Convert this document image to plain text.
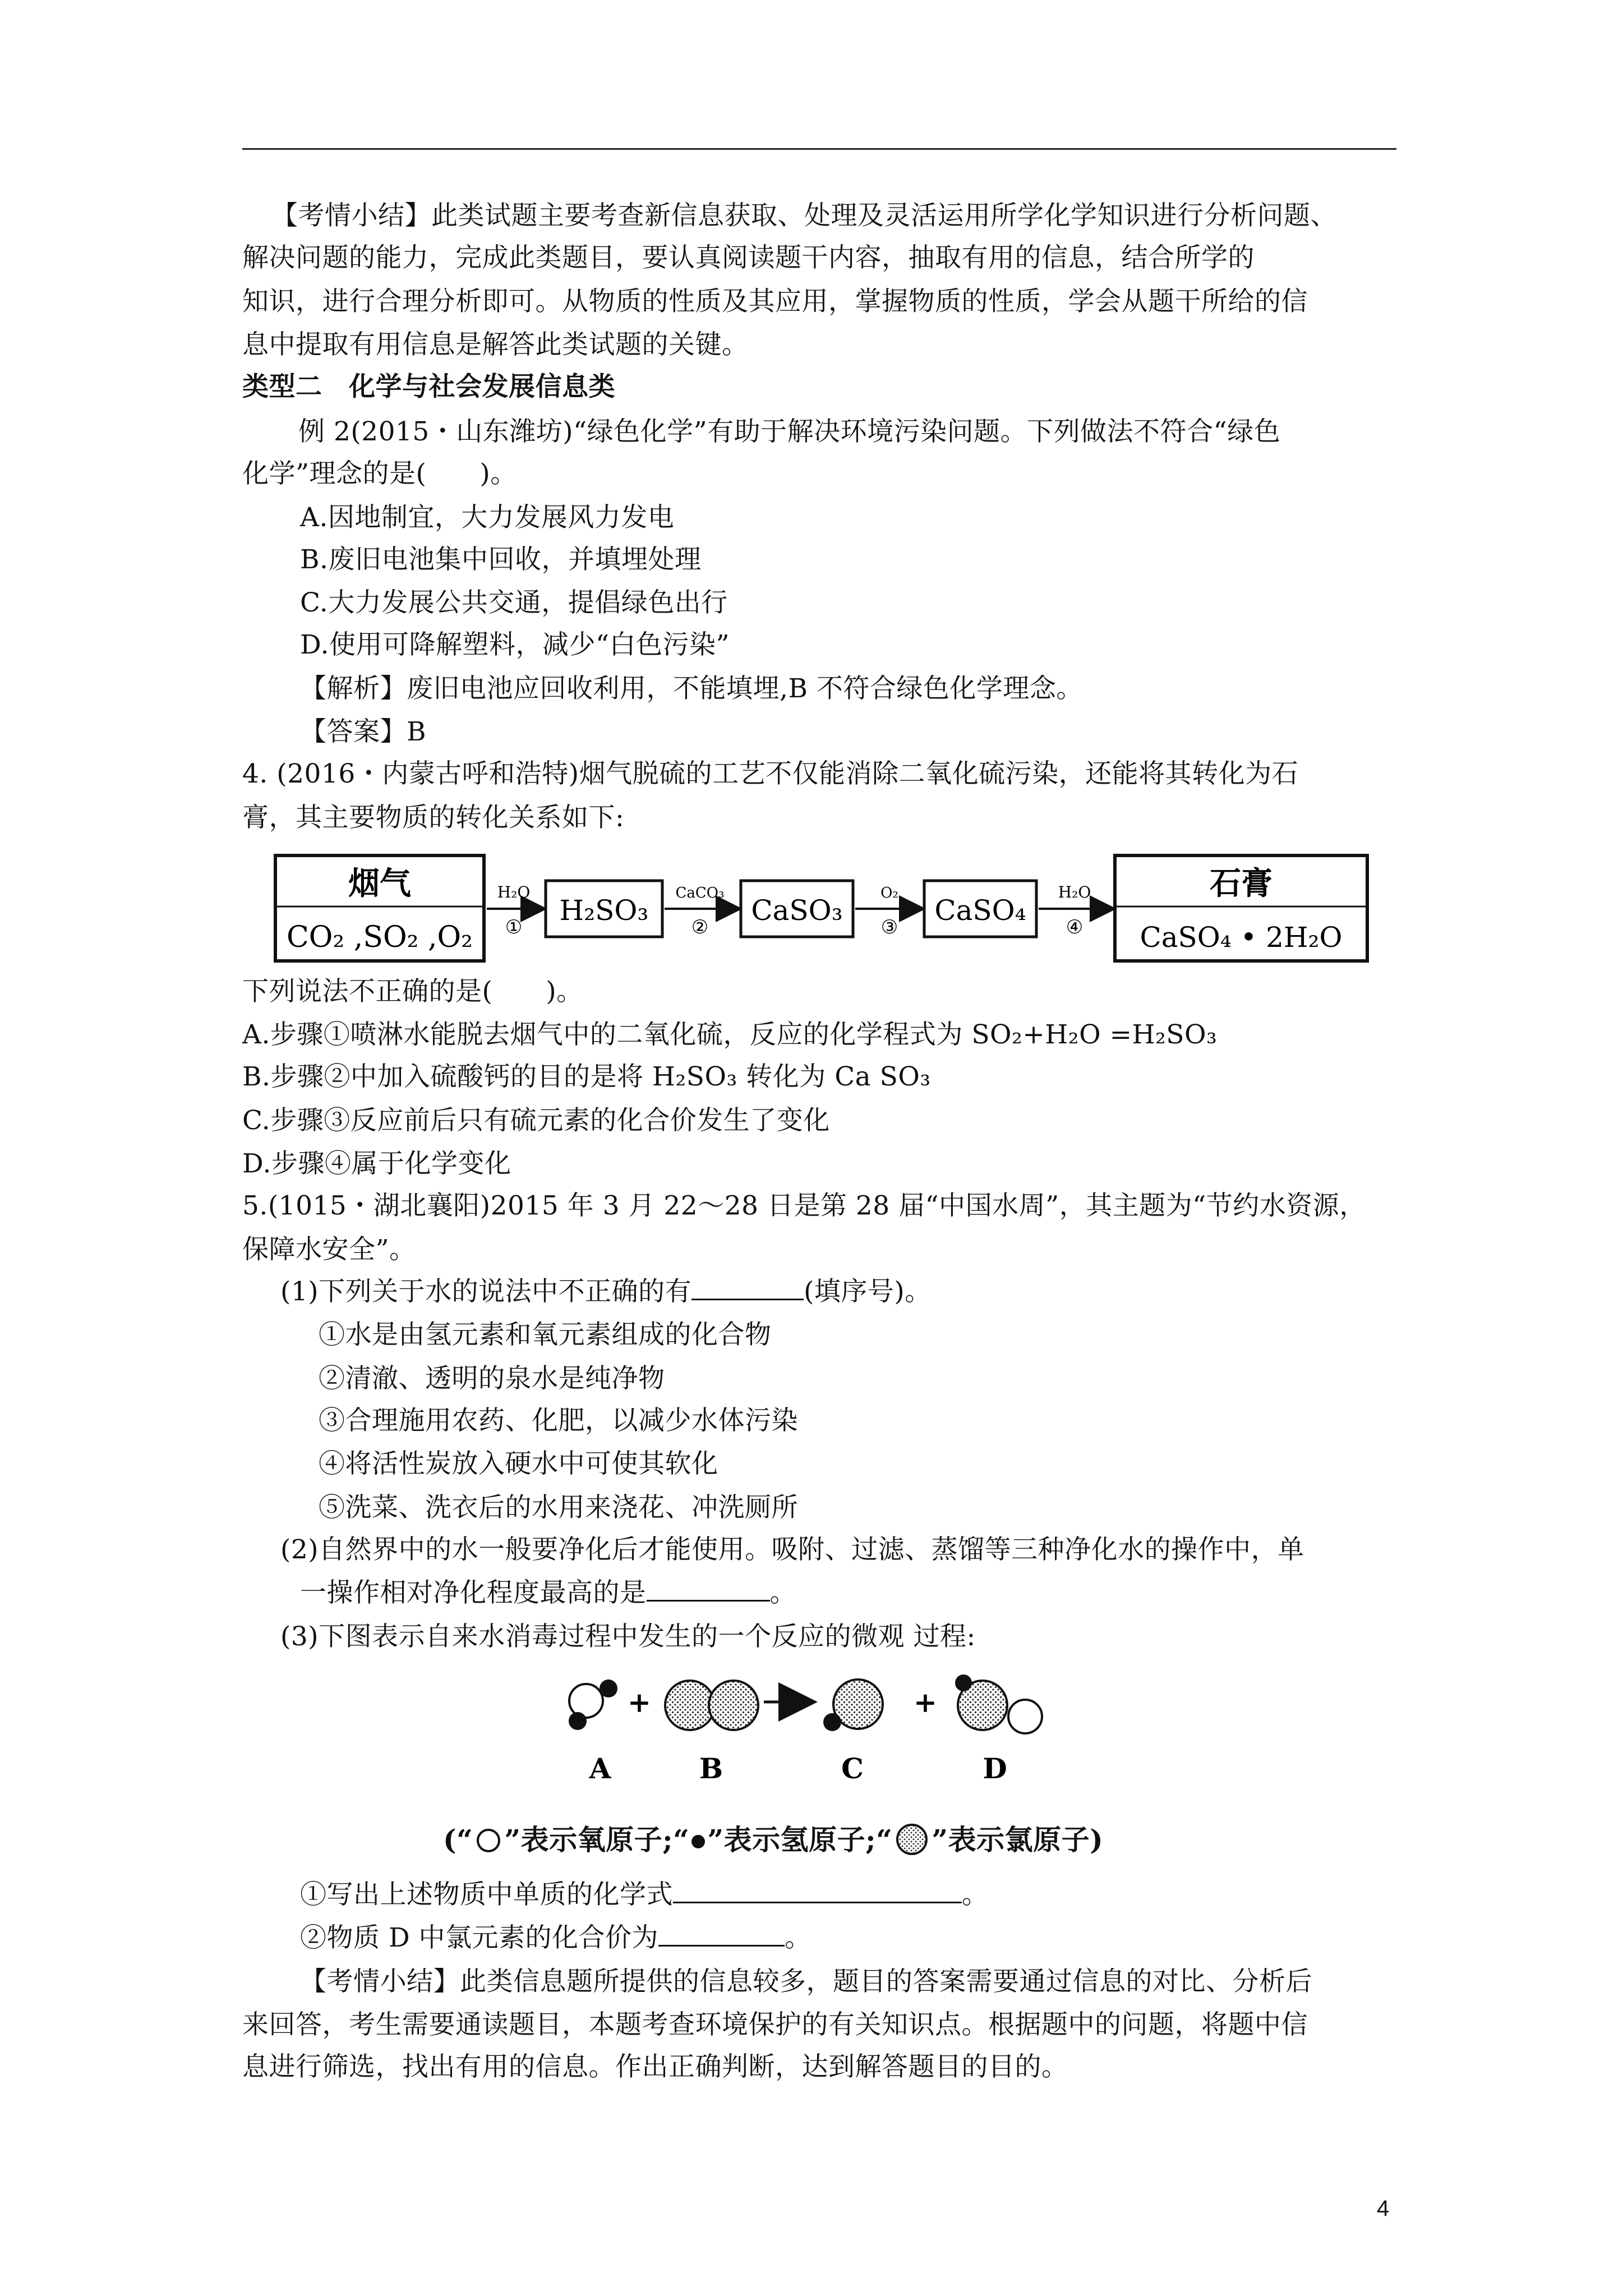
【考情小结】此类试题主要考查新信息获取、处理及灵活运用所学化学知识进行分析问题、
解决问题的能力，完成此类题目，要认真阅读题干内容，抽取有用的信息，结合所学的
知识，进行合理分析即可。从物质的性质及其应用，掌握物质的性质，学会从题干所给的信
息中提取有用信息是解答此类试题的关键。
类型二　化学与社会发展信息类
例 2(2015・山东潍坊)“绿色化学”有助于解决环境污染问题。下列做法不符合“绿色
化学”理念的是(　　)。
A.因地制宜，大力发展风力发电
B.废旧电池集中回收，并填埋处理
C.大力发展公共交通，提倡绿色出行
D.使用可降解塑料，减少“白色污染”
【解析】废旧电池应回收利用，不能填埋,B 不符合绿色化学理念。
【答案】B
4. (2016・内蒙古呼和浩特)烟气脱硫的工艺不仅能消除二氧化硫污染，还能将其转化为石
膏，其主要物质的转化关系如下:
烟气
CO₂ ,SO₂ ,O₂
H₂O
①
H₂SO₃
CaCO₃
②
CaSO₃
O₂
③
CaSO₄
H₂O
④
石膏
CaSO₄ • 2H₂O
下列说法不正确的是(　　)。
A.步骤①喷淋水能脱去烟气中的二氧化硫，反应的化学程式为 SO₂+H₂O =H₂SO₃
B.步骤②中加入硫酸钙的目的是将 H₂SO₃ 转化为 Ca SO₃
C.步骤③反应前后只有硫元素的化合价发生了变化
D.步骤④属于化学变化
5.(1015・湖北襄阳)2015 年 3 月 22～28 日是第 28 届“中国水周”，其主题为“节约水资源，
保障水安全”。
(1)下列关于水的说法中不正确的有	(填序号)。
①水是由氢元素和氧元素组成的化合物
②清澈、透明的泉水是纯净物
③合理施用农药、化肥，以减少水体污染
④将活性炭放入硬水中可使其软化
⑤洗菜、洗衣后的水用来浇花、冲洗厕所
(2)自然界中的水一般要净化后才能使用。吸附、过滤、蒸馏等三种净化水的操作中，单
一操作相对净化程度最高的是	。
(3)下图表示自来水消毒过程中发生的一个反应的微观 过程:
+	+
A	B	C	D
(“ ”表示氧原子;“ ”表示氢原子;“ ”表示氯原子)
①写出上述物质中单质的化学式	。
②物质 D 中氯元素的化合价为	。
【考情小结】此类信息题所提供的信息较多，题目的答案需要通过信息的对比、分析后
来回答，考生需要通读题目，本题考查环境保护的有关知识点。根据题中的问题，将题中信
息进行筛选，找出有用的信息。作出正确判断，达到解答题目的目的。
4
